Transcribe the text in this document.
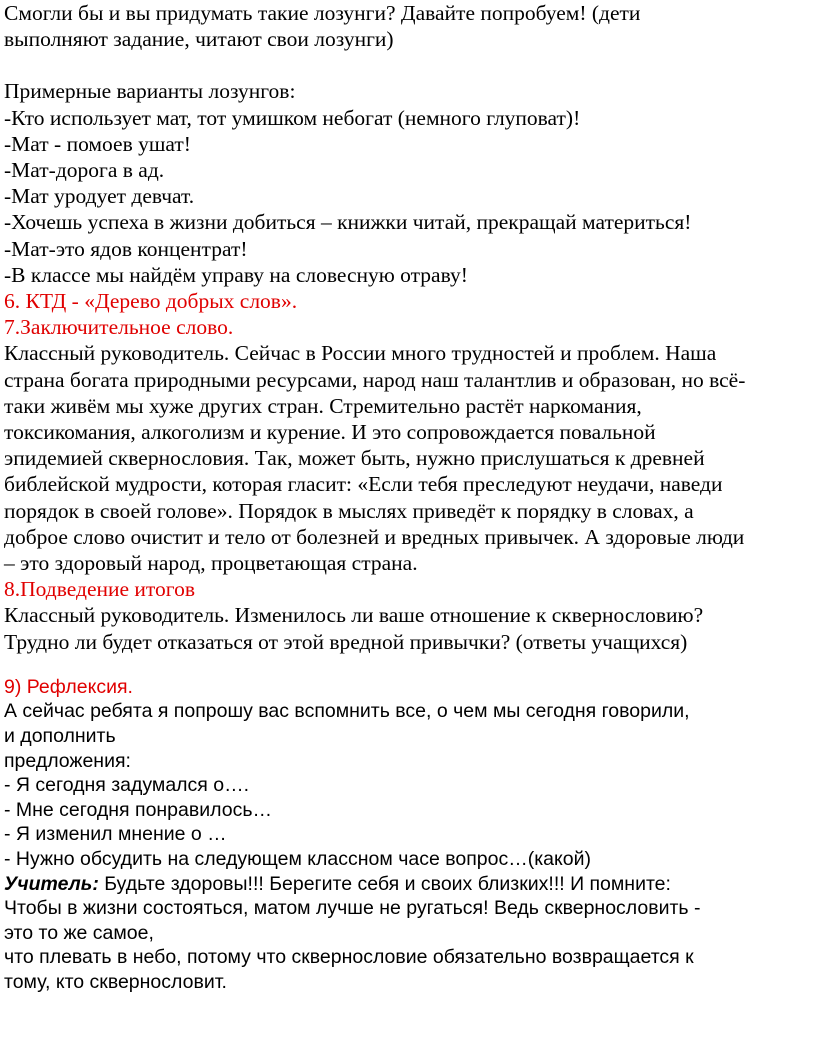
Смогли бы и вы придумать такие лозунги? Давайте попробуем! (дети

выполняют задание, читают свои лозунги)

Примерные варианты лозунгов:

-Кто использует мат, тот умишком небогат (немного глуповат)!

-Мат - помоев ушат!

-Мат-дорога в ад.

-Мат уродует девчат.

-Хочешь успеха в жизни добиться – книжки читай, прекращай материться!

-Мат-это ядов концентрат!

-В классе мы найдём управу на словесную отраву!

6. КТД - «Дерево добрых слов».

7.Заключительное слово.

Классный руководитель. Сейчас в России много трудностей и проблем. Наша

страна богата природными ресурсами, народ наш талантлив и образован, но всё-

таки живём мы хуже других стран. Стремительно растёт наркомания,

токсикомания, алкоголизм и курение. И это сопровождается повальной

эпидемией сквернословия. Так, может быть, нужно прислушаться к древней

библейской мудрости, которая гласит: «Если тебя преследуют неудачи, наведи

порядок в своей голове». Порядок в мыслях приведёт к порядку в словах, а

доброе слово очистит и тело от болезней и вредных привычек. А здоровые люди

– это здоровый народ, процветающая страна.

8.Подведение итогов

Классный руководитель. Изменилось ли ваше отношение к сквернословию?

Трудно ли будет отказаться от этой вредной привычки? (ответы учащихся)

9) Рефлексия.

А сейчас ребята я попрошу вас вспомнить все, о чем мы сегодня говорили,

и дополнить

предложения:

- Я сегодня задумался о….

- Мне сегодня понравилось…

- Я изменил мнение о …

- Нужно обсудить на следующем классном часе вопрос…(какой)

Учитель: Будьте здоровы!!! Берегите себя и своих близких!!! И помните:

Чтобы в жизни состояться, матом лучше не ругаться! Ведь сквернословить -

это то же самое,

что плевать в небо, потому что сквернословие обязательно возвращается к

тому, кто сквернословит.
